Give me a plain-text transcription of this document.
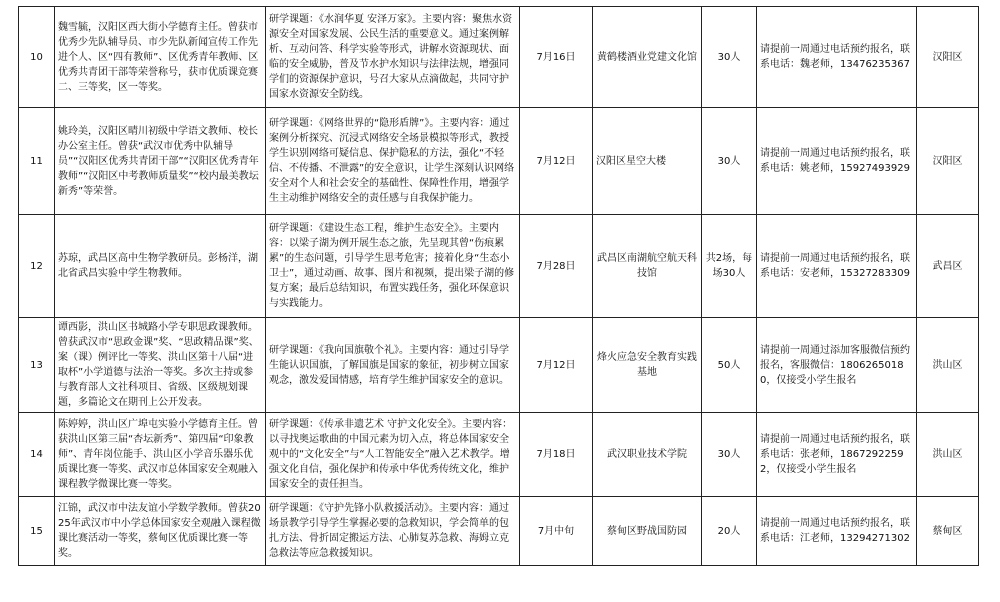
10	魏雪毓，汉阳区西大街小学德育主任。曾获市优秀少先队辅导员、市少先队新闻宣传工作先进个人、区“四有教师”、区优秀青年教师、区优秀共青团干部等荣誉称号，获市优质课竞赛二、三等奖，区一等奖。	研学课题：《水润华夏 安泽万家》。主要内容：聚焦水资源安全对国家发展、公民生活的重要意义。通过案例解析、互动问答、科学实验等形式，讲解水资源现状、面临的安全威胁，普及节水护水知识与法律法规，增强同学们的资源保护意识，号召大家从点滴做起，共同守护国家水资源安全防线。	7月16日	黄鹤楼酒业党建文化馆	30人	请提前一周通过电话预约报名，联系电话：魏老师，13476235367	汉阳区
11	姚玲美，汉阳区晴川初级中学语文教师、校长办公室主任。曾获“武汉市优秀中队辅导员”“汉阳区优秀共青团干部”“汉阳区优秀青年教师”“汉阳区中考教师质量奖”“校内最美教坛新秀”等荣誉。	研学课题：《网络世界的“隐形盾牌”》。主要内容：通过案例分析探究、沉浸式网络安全场景模拟等形式，教授学生识别网络可疑信息、保护隐私的方法，强化“不轻信、不传播、不泄露”的安全意识，让学生深刻认识网络安全对个人和社会安全的基础性、保障性作用，增强学生主动维护网络安全的责任感与自我保护能力。	7月12日	汉阳区星空大楼	30人	请提前一周通过电话预约报名，联系电话：姚老师，15927493929	汉阳区
12	苏琼，武昌区高中生物学教研员。彭杨洋，湖北省武昌实验中学生物教师。	研学课题：《建设生态工程，维护生态安全》。主要内容：以梁子湖为例开展生态之旅，先呈现其曾“伤痕累累”的生态问题，引导学生思考危害；接着化身“生态小卫士”，通过动画、故事、图片和视频，提出梁子湖的修复方案；最后总结知识，布置实践任务，强化环保意识与实践能力。	7月28日	武昌区南湖航空航天科技馆	共2场，每场30人	请提前一周通过电话预约报名，联系电话：安老师，15327283309	武昌区
13	谭西影，洪山区书城路小学专职思政课教师。曾获武汉市“思政金课”奖、“思政精品课”奖、案（课）例评比一等奖、洪山区第十八届“进取杯”小学道德与法治一等奖。多次主持或参与教育部人文社科项目、省级、区级规划课题，多篇论文在期刊上公开发表。	研学课题：《我向国旗敬个礼》。主要内容：通过引导学生能认识国旗，了解国旗是国家的象征，初步树立国家观念，激发爱国情感，培育学生维护国家安全的意识。	7月12日	烽火应急安全教育实践基地	50人	请提前一周通过添加客服微信预约报名，客服微信：18062650180，仅接受小学生报名	洪山区
14	陈婷婷，洪山区广埠屯实验小学德育主任。曾获洪山区第三届“杏坛新秀”、第四届“印象教师”、青年岗位能手、洪山区小学音乐器乐优质课比赛一等奖、武汉市总体国家安全观融入课程教学微课比赛一等奖。	研学课题：《传承非遗艺术 守护文化安全》。主要内容：以寻找奥运歌曲的中国元素为切入点，将总体国家安全观中的“文化安全”与“人工智能安全”融入艺术教学。增强文化自信，强化保护和传承中华优秀传统文化，维护国家安全的责任担当。	7月18日	武汉职业技术学院	30人	请提前一周通过电话预约报名，联系电话：张老师，18672922592，仅接受小学生报名	洪山区
15	江锦，武汉市中法友谊小学数学教师。曾获2025年武汉市中小学总体国家安全观融入课程微课比赛活动一等奖，蔡甸区优质课比赛一等奖。	研学课题：《守护先锋小队救援活动》。主要内容：通过场景教学引导学生掌握必要的急救知识，学会简单的包扎方法、骨折固定搬运方法、心肺复苏急救、海姆立克急救法等应急救援知识。	7月中旬	蔡甸区野战国防园	20人	请提前一周通过电话预约报名，联系电话：江老师，13294271302	蔡甸区
